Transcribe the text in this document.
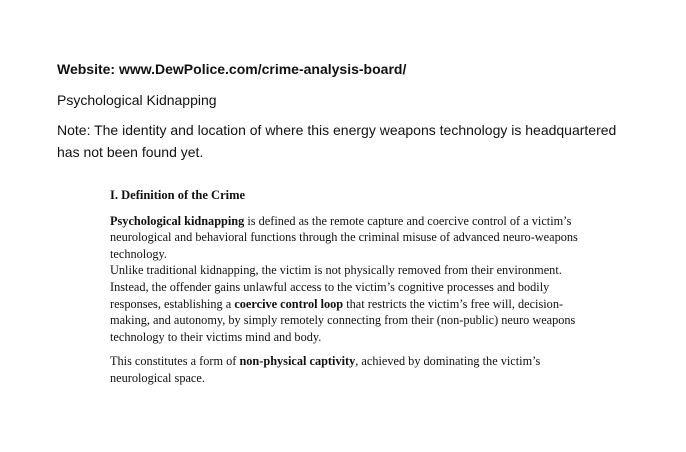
Website: www.DewPolice.com/crime-analysis-board/
Psychological Kidnapping
Note: The identity and location of where this energy weapons technology is headquartered has not been found yet.
I. Definition of the Crime

Psychological kidnapping is defined as the remote capture and coercive control of a victim’s neurological and behavioral functions through the criminal misuse of advanced neuro-weapons technology.
Unlike traditional kidnapping, the victim is not physically removed from their environment. Instead, the offender gains unlawful access to the victim’s cognitive processes and bodily responses, establishing a coercive control loop that restricts the victim’s free will, decision-making, and autonomy, by simply remotely connecting from their (non-public) neuro weapons technology to their victims mind and body.

This constitutes a form of non-physical captivity, achieved by dominating the victim’s neurological space.
